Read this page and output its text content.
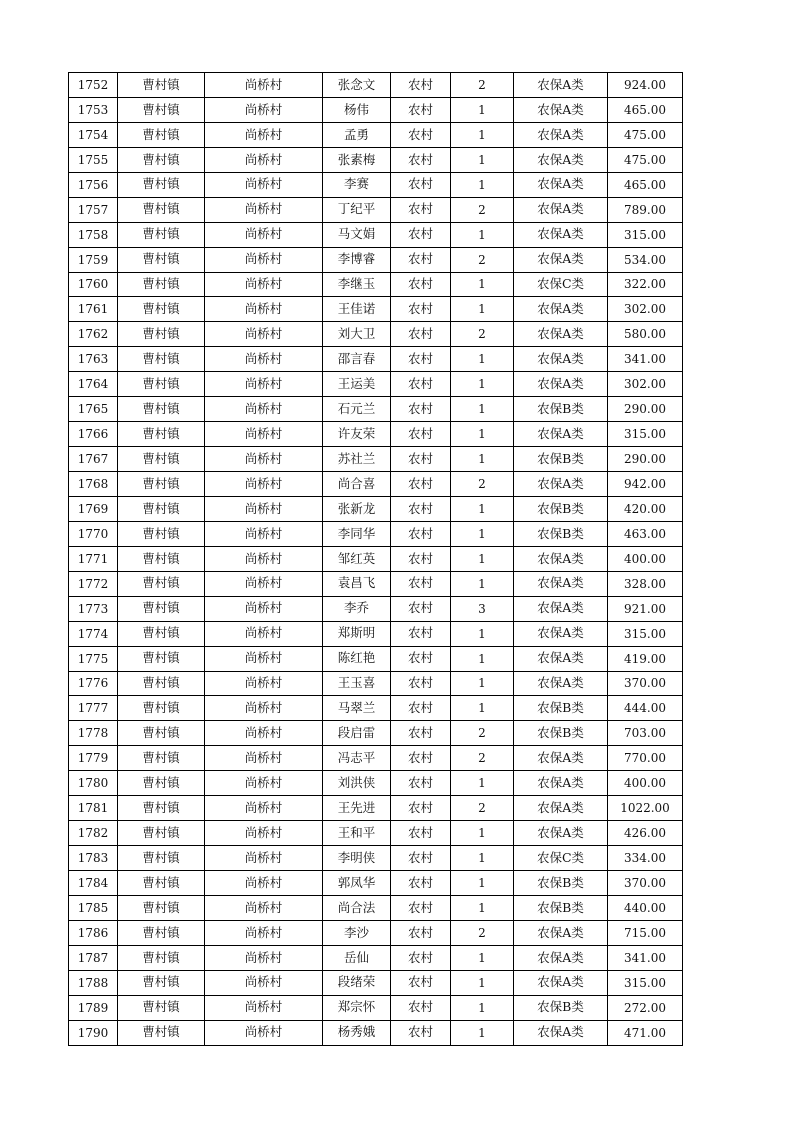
1752	曹村镇	尚桥村	张念文	农村	2	农保A类	924.00
1753	曹村镇	尚桥村	杨伟	农村	1	农保A类	465.00
1754	曹村镇	尚桥村	孟勇	农村	1	农保A类	475.00
1755	曹村镇	尚桥村	张素梅	农村	1	农保A类	475.00
1756	曹村镇	尚桥村	李赛	农村	1	农保A类	465.00
1757	曹村镇	尚桥村	丁纪平	农村	2	农保A类	789.00
1758	曹村镇	尚桥村	马文娟	农村	1	农保A类	315.00
1759	曹村镇	尚桥村	李博睿	农村	2	农保A类	534.00
1760	曹村镇	尚桥村	李继玉	农村	1	农保C类	322.00
1761	曹村镇	尚桥村	王佳诺	农村	1	农保A类	302.00
1762	曹村镇	尚桥村	刘大卫	农村	2	农保A类	580.00
1763	曹村镇	尚桥村	邵言春	农村	1	农保A类	341.00
1764	曹村镇	尚桥村	王运美	农村	1	农保A类	302.00
1765	曹村镇	尚桥村	石元兰	农村	1	农保B类	290.00
1766	曹村镇	尚桥村	许友荣	农村	1	农保A类	315.00
1767	曹村镇	尚桥村	苏社兰	农村	1	农保B类	290.00
1768	曹村镇	尚桥村	尚合喜	农村	2	农保A类	942.00
1769	曹村镇	尚桥村	张新龙	农村	1	农保B类	420.00
1770	曹村镇	尚桥村	李同华	农村	1	农保B类	463.00
1771	曹村镇	尚桥村	邹红英	农村	1	农保A类	400.00
1772	曹村镇	尚桥村	袁昌飞	农村	1	农保A类	328.00
1773	曹村镇	尚桥村	李乔	农村	3	农保A类	921.00
1774	曹村镇	尚桥村	郑斯明	农村	1	农保A类	315.00
1775	曹村镇	尚桥村	陈红艳	农村	1	农保A类	419.00
1776	曹村镇	尚桥村	王玉喜	农村	1	农保A类	370.00
1777	曹村镇	尚桥村	马翠兰	农村	1	农保B类	444.00
1778	曹村镇	尚桥村	段启雷	农村	2	农保B类	703.00
1779	曹村镇	尚桥村	冯志平	农村	2	农保A类	770.00
1780	曹村镇	尚桥村	刘洪侠	农村	1	农保A类	400.00
1781	曹村镇	尚桥村	王先进	农村	2	农保A类	1022.00
1782	曹村镇	尚桥村	王和平	农村	1	农保A类	426.00
1783	曹村镇	尚桥村	李明侠	农村	1	农保C类	334.00
1784	曹村镇	尚桥村	郭凤华	农村	1	农保B类	370.00
1785	曹村镇	尚桥村	尚合法	农村	1	农保B类	440.00
1786	曹村镇	尚桥村	李沙	农村	2	农保A类	715.00
1787	曹村镇	尚桥村	岳仙	农村	1	农保A类	341.00
1788	曹村镇	尚桥村	段绪荣	农村	1	农保A类	315.00
1789	曹村镇	尚桥村	郑宗怀	农村	1	农保B类	272.00
1790	曹村镇	尚桥村	杨秀娥	农村	1	农保A类	471.00
